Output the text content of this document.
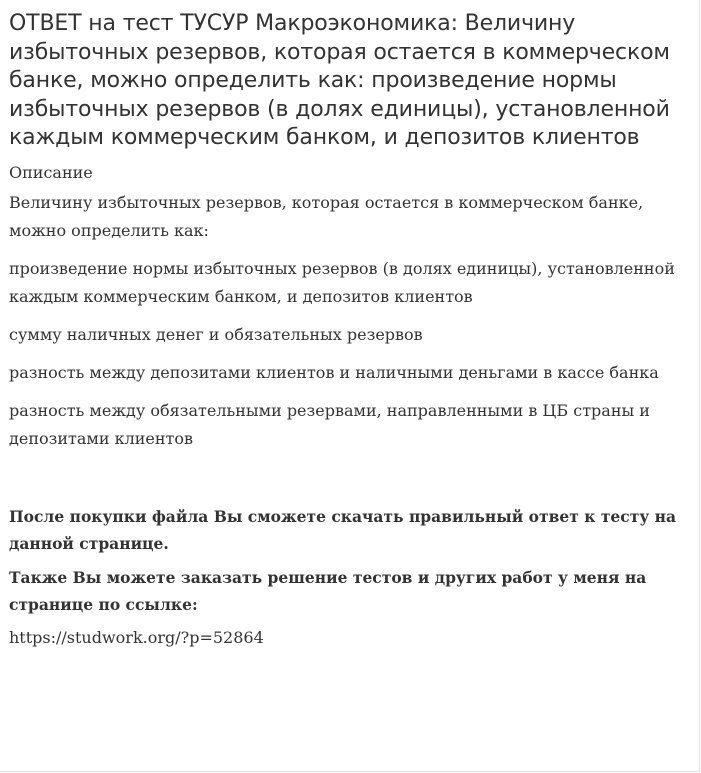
ОТВЕТ на тест ТУСУР Макроэкономика: Величину избыточных резервов, которая остается в коммерческом банке, можно определить как: произведение нормы избыточных резервов (в долях единицы), установленной каждым коммерческим банком, и депозитов клиентов
Описание

Величину избыточных резервов, которая остается в коммерческом банке, можно определить как:

произведение нормы избыточных резервов (в долях единицы), установленной каждым коммерческим банком, и депозитов клиентов

сумму наличных денег и обязательных резервов

разность между депозитами клиентов и наличными деньгами в кассе банка

разность между обязательными резервами, направленными в ЦБ страны и депозитами клиентов

После покупки файла Вы сможете скачать правильный ответ к тесту на данной странице.

Также Вы можете заказать решение тестов и других работ у меня на странице по ссылке:

https://studwork.org/?p=52864
